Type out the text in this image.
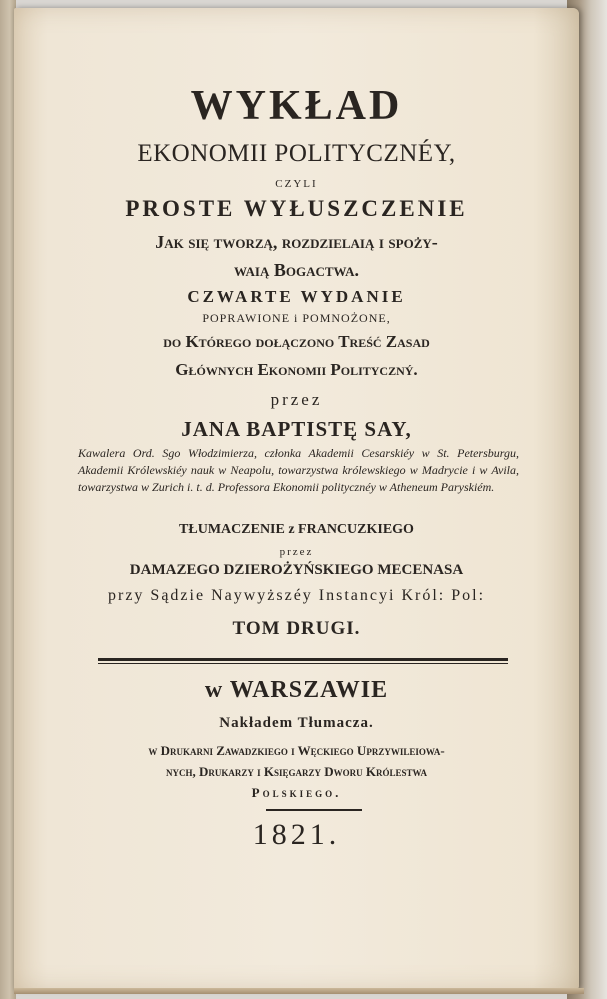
WYKŁAD
EKONOMII POLITYCZNÉY,
CZYLI
PROSTE WYŁUSZCZENIE
Jak się tworzą, rozdzielaią i spoży-
waią Bogactwa.
CZWARTE WYDANIE
POPRAWIONE i POMNOŻONE,
do Którego dołączono Treść Zasad
Głównych Ekonomii Polityczný.
przez
JANA BAPTISTĘ SAY,
Kawalera Ord. Sgo Włodzimierza, członka Akademii Cesarskiéy w St. Petersburgu, Akademii Królewskiéy nauk w Neapolu, towarzystwa królewskiego w Madrycie i w Avila, towarzystwa w Zurich i. t. d. Professora Ekonomii politycznéy w Atheneum Paryskiém.
TŁUMACZENIE z FRANCUZKIEGO
przez
DAMAZEGO DZIEROŻYŃSKIEGO MECENASA
przy Sądzie Naywyższéy Instancyi Król: Pol:
TOM DRUGI.
w WARSZAWIE
Nakładem Tłumacza.
w Drukarni Zawadzkiego i Węckiego Uprzywileiowa-
nych, Drukarzy i Księgarzy Dworu Królestwa
Polskiego.
1821.
